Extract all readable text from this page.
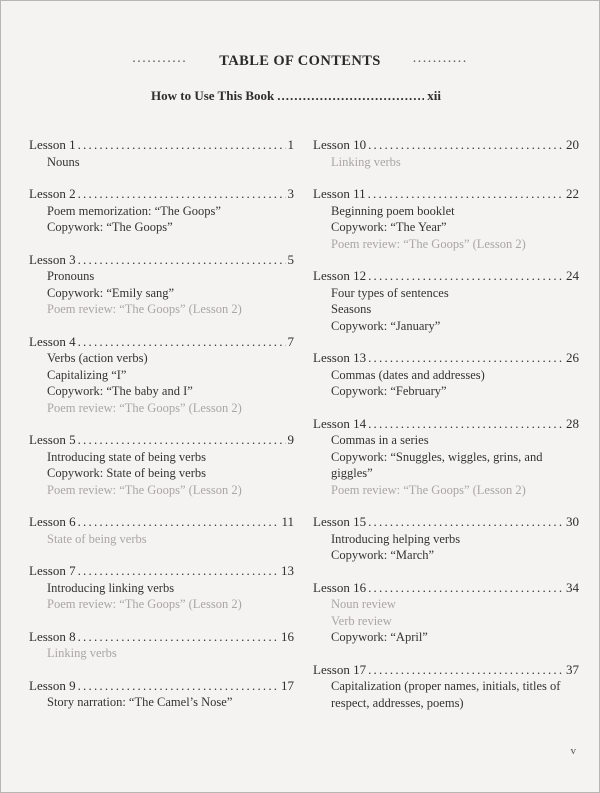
........... TABLE OF CONTENTS ...........
How to Use This Book .....	xii
Lesson 1 .....	1
Nouns
Lesson 2 .....	3
Poem memorization: “The Goops”
Copywork: “The Goops”
Lesson 3 .....	5
Pronouns
Copywork: “Emily sang”
Poem review: “The Goops” (Lesson 2)
Lesson 4 .....	7
Verbs (action verbs)
Capitalizing “I”
Copywork: “The baby and I”
Poem review: “The Goops” (Lesson 2)
Lesson 5 .....	9
Introducing state of being verbs
Copywork: State of being verbs
Poem review: “The Goops” (Lesson 2)
Lesson 6 .....	11
State of being verbs
Lesson 7 .....	13
Introducing linking verbs
Poem review: “The Goops” (Lesson 2)
Lesson 8 .....	16
Linking verbs
Lesson 9 .....	17
Story narration: “The Camel’s Nose”
Lesson 10 .....	20
Linking verbs
Lesson 11 .....	22
Beginning poem booklet
Copywork: “The Year”
Poem review: “The Goops” (Lesson 2)
Lesson 12 .....	24
Four types of sentences
Seasons
Copywork: “January”
Lesson 13 .....	26
Commas (dates and addresses)
Copywork: “February”
Lesson 14 .....	28
Commas in a series
Copywork: “Snuggles, wiggles, grins, and
giggles”
Poem review: “The Goops” (Lesson 2)
Lesson 15 .....	30
Introducing helping verbs
Copywork: “March”
Lesson 16 .....	34
Noun review
Verb review
Copywork: “April”
Lesson 17 .....	37
Capitalization (proper names, initials, titles of
respect, addresses, poems)
v
